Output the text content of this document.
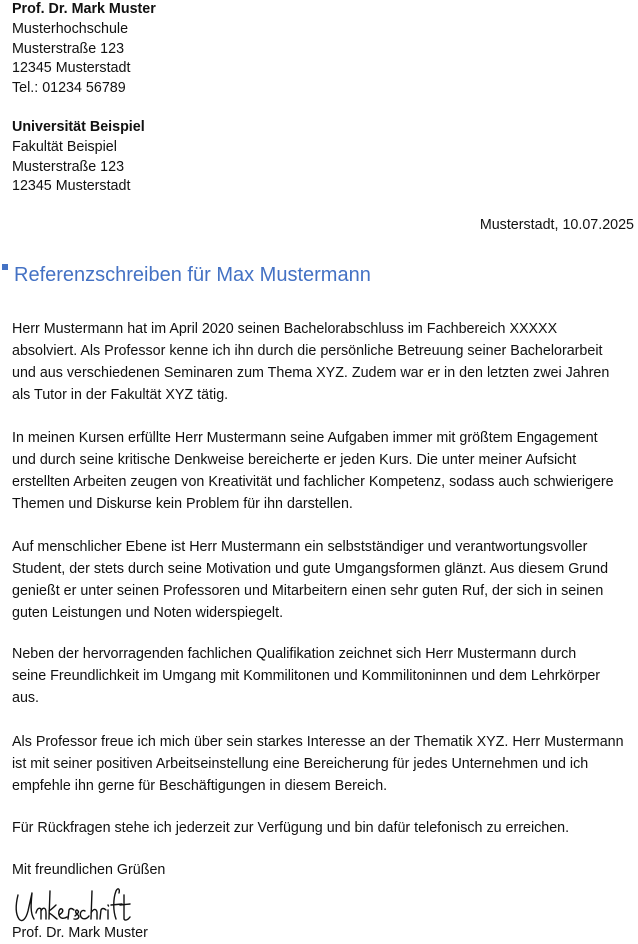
Prof. Dr. Mark Muster
Musterhochschule
Musterstraße 123
12345 Musterstadt
Tel.: 01234 56789
Universität Beispiel
Fakultät Beispiel
Musterstraße 123
12345 Musterstadt
Musterstadt, 10.07.2025
Referenzschreiben für Max Mustermann
Herr Mustermann hat im April 2020 seinen Bachelorabschluss im Fachbereich XXXXX
absolviert. Als Professor kenne ich ihn durch die persönliche Betreuung seiner Bachelorarbeit
und aus verschiedenen Seminaren zum Thema XYZ. Zudem war er in den letzten zwei Jahren
als Tutor in der Fakultät XYZ tätig.
In meinen Kursen erfüllte Herr Mustermann seine Aufgaben immer mit größtem Engagement
und durch seine kritische Denkweise bereicherte er jeden Kurs. Die unter meiner Aufsicht
erstellten Arbeiten zeugen von Kreativität und fachlicher Kompetenz, sodass auch schwierigere
Themen und Diskurse kein Problem für ihn darstellen.
Auf menschlicher Ebene ist Herr Mustermann ein selbstständiger und verantwortungsvoller
Student, der stets durch seine Motivation und gute Umgangsformen glänzt. Aus diesem Grund
genießt er unter seinen Professoren und Mitarbeitern einen sehr guten Ruf, der sich in seinen
guten Leistungen und Noten widerspiegelt.
Neben der hervorragenden fachlichen Qualifikation zeichnet sich Herr Mustermann durch
seine Freundlichkeit im Umgang mit Kommilitonen und Kommilitoninnen und dem Lehrkörper
aus.
Als Professor freue ich mich über sein starkes Interesse an der Thematik XYZ. Herr Mustermann
ist mit seiner positiven Arbeitseinstellung eine Bereicherung für jedes Unternehmen und ich
empfehle ihn gerne für Beschäftigungen in diesem Bereich.
Für Rückfragen stehe ich jederzeit zur Verfügung und bin dafür telefonisch zu erreichen.
Mit freundlichen Grüßen
Prof. Dr. Mark Muster
